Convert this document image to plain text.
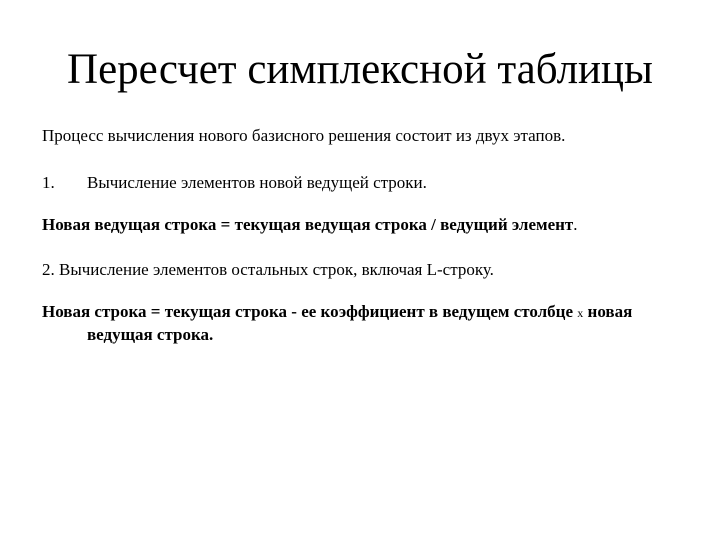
Пересчет симплексной таблицы
Процесс вычисления нового базисного решения состоит из двух этапов.
1. Вычисление элементов новой ведущей строки.
Новая ведущая строка = текущая ведущая строка / ведущий элемент.
2. Вычисление элементов остальных строк, включая L-строку.
Новая строка = текущая строка - ее коэффициент в ведущем столбце х новая
ведущая строка.
